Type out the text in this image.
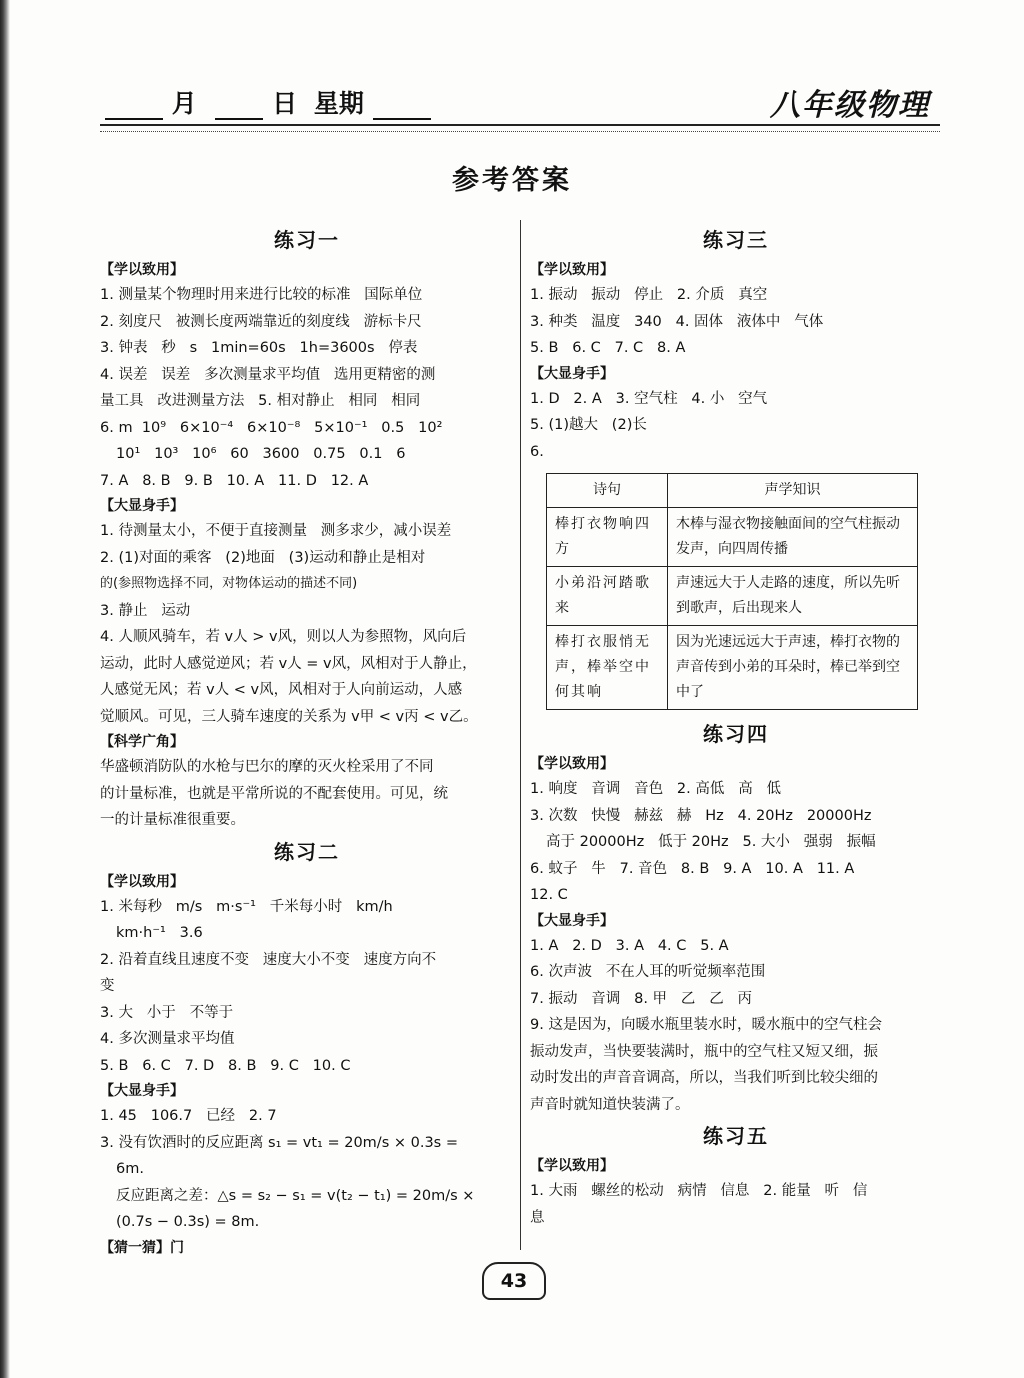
月	日 星期	八年级物理
参考答案
练习一
【学以致用】
1. 测量某个物理时用来进行比较的标准   国际单位
2. 刻度尺   被测长度两端靠近的刻度线   游标卡尺
3. 钟表   秒   s   1min=60s   1h=3600s   停表
4. 误差   误差   多次测量求平均值   选用更精密的测
量工具   改进测量方法   5. 相对静止   相同   相同
6. m  10⁹   6×10⁻⁴   6×10⁻⁸   5×10⁻¹   0.5   10²
10¹   10³   10⁶   60   3600   0.75   0.1   6
7. A   8. B   9. B   10. A   11. D   12. A
【大显身手】
1. 待测量太小，不便于直接测量   测多求少，减小误差
2. (1)对面的乘客   (2)地面   (3)运动和静止是相对
的(参照物选择不同，对物体运动的描述不同)
3. 静止   运动
4. 人顺风骑车，若 v人 > v风，则以人为参照物，风向后
运动，此时人感觉逆风；若 v人 = v风，风相对于人静止，
人感觉无风；若 v人 < v风，风相对于人向前运动，人感
觉顺风。可见，三人骑车速度的关系为 v甲 < v丙 < v乙。
【科学广角】
华盛顿消防队的水枪与巴尔的摩的灭火栓采用了不同
的计量标准，也就是平常所说的不配套使用。可见，统
一的计量标准很重要。
练习二
【学以致用】
1. 米每秒   m/s   m·s⁻¹   千米每小时   km/h
km·h⁻¹   3.6
2. 沿着直线且速度不变   速度大小不变   速度方向不
变
3. 大   小于   不等于
4. 多次测量求平均值
5. B   6. C   7. D   8. B   9. C   10. C
【大显身手】
1. 45   106.7   已经   2. 7
3. 没有饮酒时的反应距离 s₁ = vt₁ = 20m/s × 0.3s =
6m.
反应距离之差：△s = s₂ − s₁ = v(t₂ − t₁) = 20m/s ×
(0.7s − 0.3s) = 8m.
【猜一猜】门
练习三
【学以致用】
1. 振动   振动   停止   2. 介质   真空
3. 种类   温度   340   4. 固体   液体中   气体
5. B   6. C   7. C   8. A
【大显身手】
1. D   2. A   3. 空气柱   4. 小   空气
5. (1)越大   (2)长
6.
诗句	声学知识
棒打衣物响四方	木棒与湿衣物接触面间的空气柱振动发声，向四周传播
小弟沿河踏歌来	声速远大于人走路的速度，所以先听到歌声，后出现来人
棒打衣服悄无声，棒举空中何其响	因为光速远远大于声速，棒打衣物的声音传到小弟的耳朵时，棒已举到空中了
练习四
【学以致用】
1. 响度   音调   音色   2. 高低   高   低
3. 次数   快慢   赫兹   赫   Hz   4. 20Hz   20000Hz
高于 20000Hz   低于 20Hz   5. 大小   强弱   振幅
6. 蚊子   牛   7. 音色   8. B   9. A   10. A   11. A
12. C
【大显身手】
1. A   2. D   3. A   4. C   5. A
6. 次声波   不在人耳的听觉频率范围
7. 振动   音调   8. 甲   乙   乙   丙
9. 这是因为，向暖水瓶里装水时，暖水瓶中的空气柱会
振动发声，当快要装满时，瓶中的空气柱又短又细，振
动时发出的声音音调高，所以，当我们听到比较尖细的
声音时就知道快装满了。
练习五
【学以致用】
1. 大雨   螺丝的松动   病情   信息   2. 能量   听   信
息
43
